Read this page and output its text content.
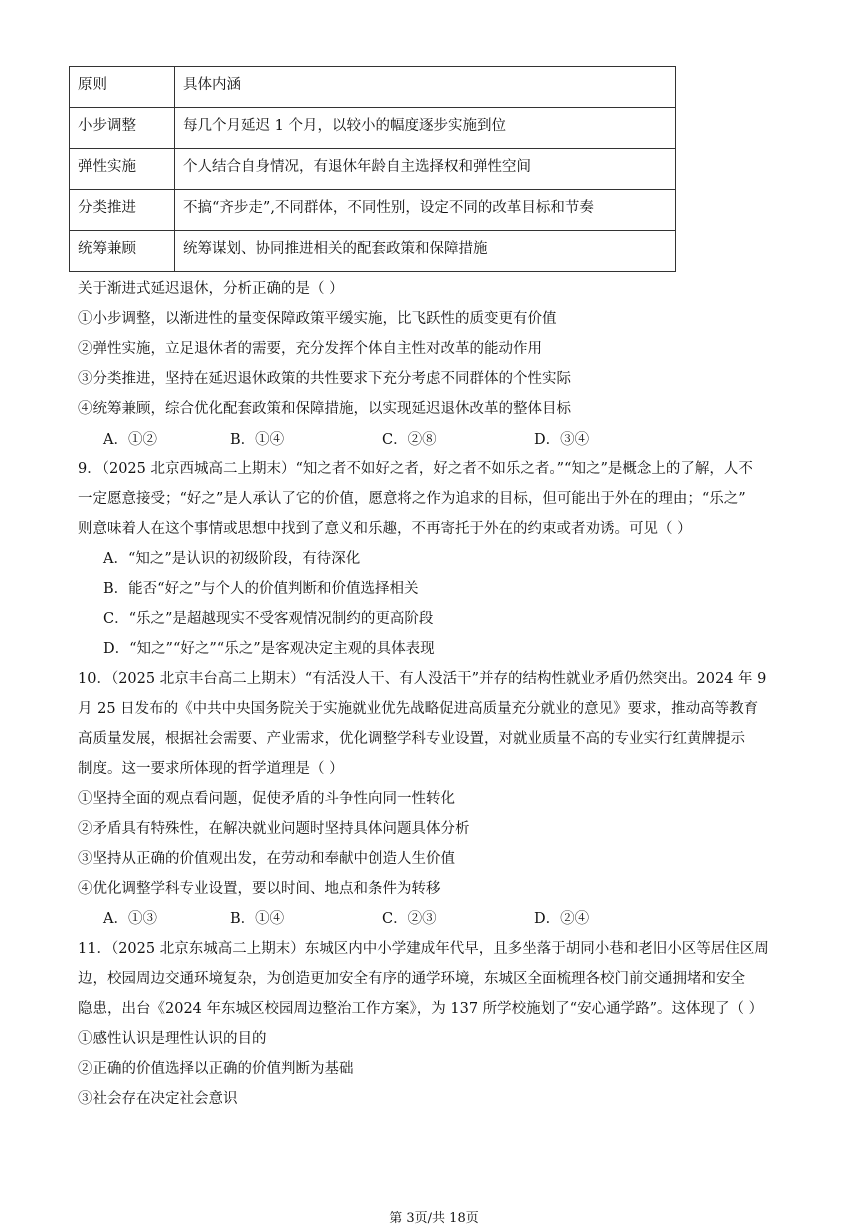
原则	具体内涵
小步调整	每几个月延迟 1 个月，以较小的幅度逐步实施到位
弹性实施	个人结合自身情况，有退休年龄自主选择权和弹性空间
分类推进	不搞“齐步走”,不同群体，不同性别，设定不同的改革目标和节奏
统筹兼顾	统筹谋划、协同推进相关的配套政策和保障措施
关于渐进式延迟退休，分析正确的是（ ）
①小步调整，以渐进性的量变保障政策平缓实施，比飞跃性的质变更有价值
②弹性实施，立足退休者的需要，充分发挥个体自主性对改革的能动作用
③分类推进，坚持在延迟退休政策的共性要求下充分考虑不同群体的个性实际
④统筹兼顾，综合优化配套政策和保障措施，以实现延迟退休改革的整体目标
A．①②	B．①④	C．②⑧	D．③④
9．（2025 北京西城高二上期末）“知之者不如好之者，好之者不如乐之者。”“知之”是概念上的了解，人不
一定愿意接受；“好之”是人承认了它的价值，愿意将之作为追求的目标，但可能出于外在的理由；“乐之”
则意味着人在这个事情或思想中找到了意义和乐趣，不再寄托于外在的约束或者劝诱。可见（ ）
A．“知之”是认识的初级阶段，有待深化
B．能否“好之”与个人的价值判断和价值选择相关
C．“乐之”是超越现实不受客观情况制约的更高阶段
D．“知之”“好之”“乐之”是客观决定主观的具体表现
10．（2025 北京丰台高二上期末）“有活没人干、有人没活干”并存的结构性就业矛盾仍然突出。2024 年 9
月 25 日发布的《中共中央国务院关于实施就业优先战略促进高质量充分就业的意见》要求，推动高等教育
高质量发展，根据社会需要、产业需求，优化调整学科专业设置，对就业质量不高的专业实行红黄牌提示
制度。这一要求所体现的哲学道理是（ ）
①坚持全面的观点看问题，促使矛盾的斗争性向同一性转化
②矛盾具有特殊性，在解决就业问题时坚持具体问题具体分析
③坚持从正确的价值观出发，在劳动和奉献中创造人生价值
④优化调整学科专业设置，要以时间、地点和条件为转移
A．①③	B．①④	C．②③	D．②④
11．（2025 北京东城高二上期末）东城区内中小学建成年代早，且多坐落于胡同小巷和老旧小区等居住区周
边，校园周边交通环境复杂，为创造更加安全有序的通学环境，东城区全面梳理各校门前交通拥堵和安全
隐患，出台《2024 年东城区校园周边整治工作方案》，为 137 所学校施划了“安心通学路”。这体现了（ ）
①感性认识是理性认识的目的
②正确的价值选择以正确的价值判断为基础
③社会存在决定社会意识
第 3页/共 18页
